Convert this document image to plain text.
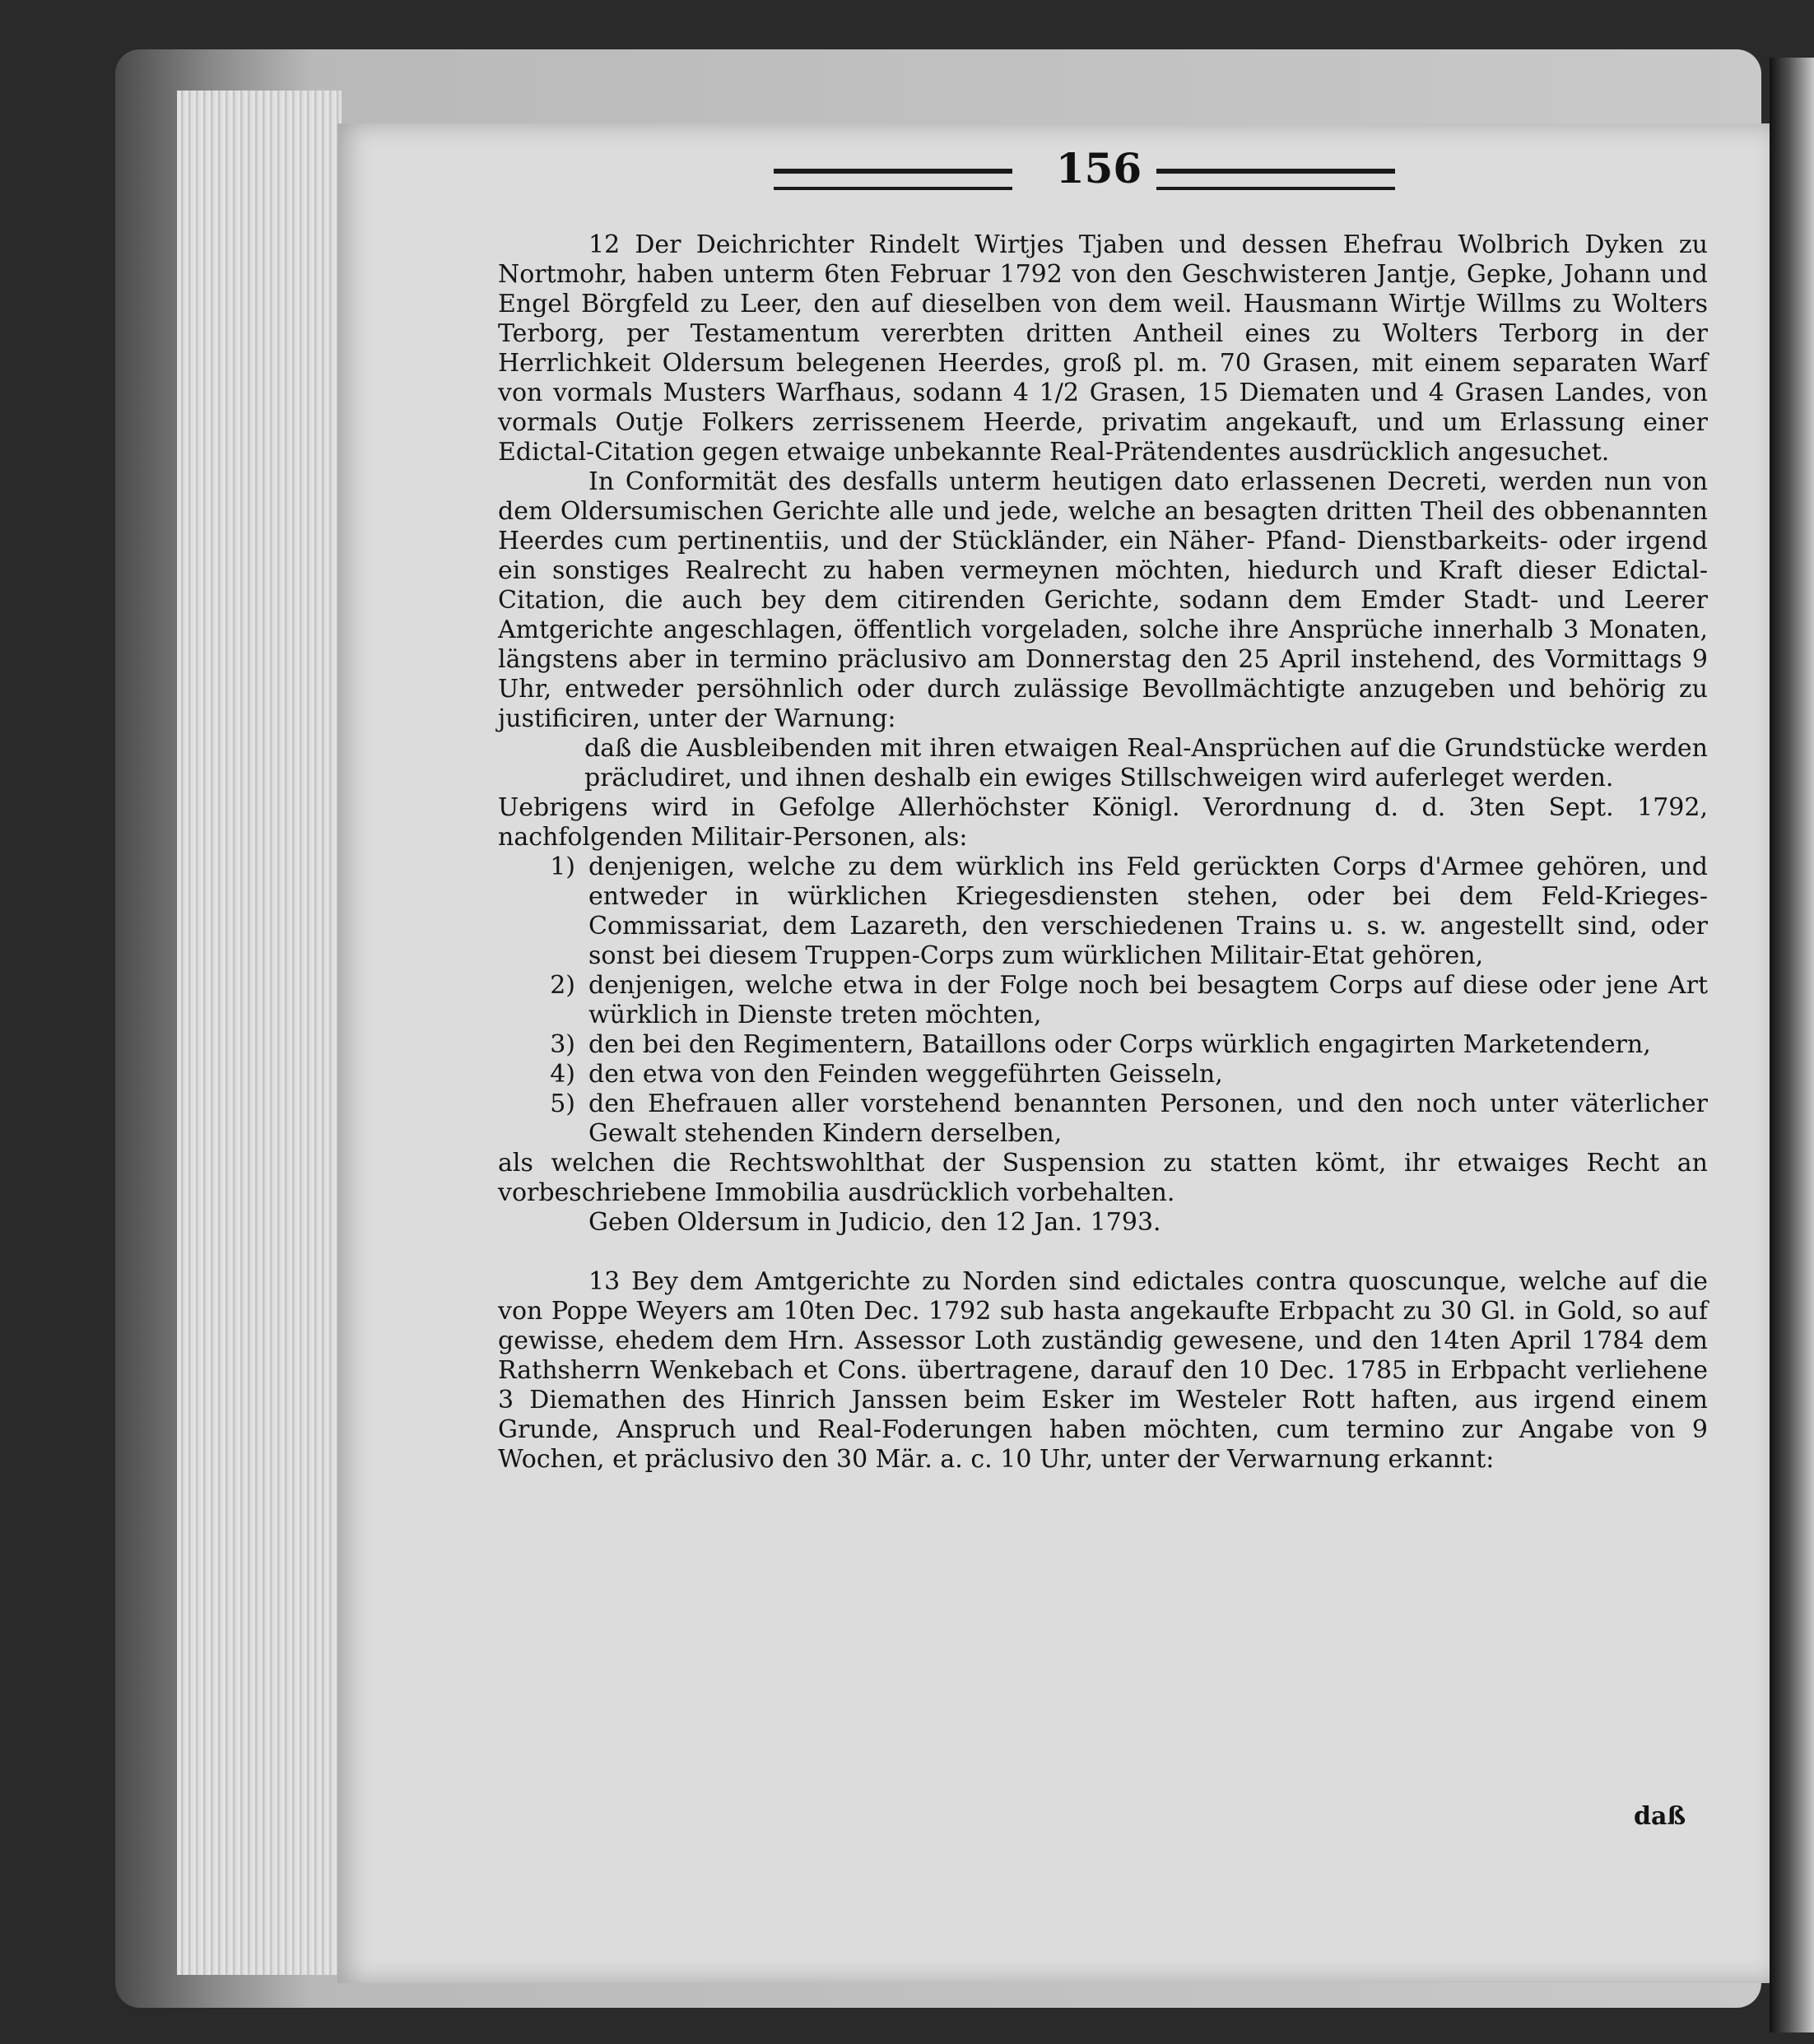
156

12 Der Deichrichter Rindelt Wirtjes Tjaben und dessen Ehefrau Wolbrich Dyken zu Nortmohr, haben unterm 6ten Februar 1792 von den Geschwisteren Jantje, Gepke, Johann und Engel Börgfeld zu Leer, den auf dieselben von dem weil. Hausmann Wirtje Willms zu Wolters Terborg, per Testamentum vererbten dritten Antheil eines zu Wolters Terborg in der Herrlichkeit Oldersum belegenen Heerdes, groß pl. m. 70 Grasen, mit einem separaten Warf von vormals Musters Warfhaus, sodann 4 1/2 Grasen, 15 Diematen und 4 Grasen Landes, von vormals Outje Folkers zerrissenem Heerde, privatim angekauft, und um Erlassung einer Edictal-Citation gegen etwaige unbekannte Real-Prätendentes ausdrücklich angesuchet.

In Conformität des desfalls unterm heutigen dato erlassenen Decreti, werden nun von dem Oldersumischen Gerichte alle und jede, welche an besagten dritten Theil des obbenannten Heerdes cum pertinentiis, und der Stückländer, ein Näher- Pfand- Dienstbarkeits- oder irgend ein sonstiges Realrecht zu haben vermeynen möchten, hiedurch und Kraft dieser Edictal-Citation, die auch bey dem citirenden Gerichte, sodann dem Emder Stadt- und Leerer Amtgerichte angeschlagen, öffentlich vorgeladen, solche ihre Ansprüche innerhalb 3 Monaten, längstens aber in termino präclusivo am Donnerstag den 25 April instehend, des Vormittags 9 Uhr, entweder persöhnlich oder durch zulässige Bevollmächtigte anzugeben und behörig zu justificiren, unter der Warnung:

daß die Ausbleibenden mit ihren etwaigen Real-Ansprüchen auf die Grundstücke werden präcludiret, und ihnen deshalb ein ewiges Stillschweigen wird auferleget werden.

Uebrigens wird in Gefolge Allerhöchster Königl. Verordnung d. d. 3ten Sept. 1792, nachfolgenden Militair-Personen, als:

1) denjenigen, welche zu dem würklich ins Feld gerückten Corps d'Armee gehören, und entweder in würklichen Kriegesdiensten stehen, oder bei dem Feld-Krieges-Commissariat, dem Lazareth, den verschiedenen Trains u. s. w. angestellt sind, oder sonst bei diesem Truppen-Corps zum würklichen Militair-Etat gehören,
2) denjenigen, welche etwa in der Folge noch bei besagtem Corps auf diese oder jene Art würklich in Dienste treten möchten,
3) den bei den Regimentern, Bataillons oder Corps würklich engagirten Marketendern,
4) den etwa von den Feinden weggeführten Geisseln,
5) den Ehefrauen aller vorstehend benannten Personen, und den noch unter väterlicher Gewalt stehenden Kindern derselben,

als welchen die Rechtswohlthat der Suspension zu statten kömt, ihr etwaiges Recht an vorbeschriebene Immobilia ausdrücklich vorbehalten.

Geben Oldersum in Judicio, den 12 Jan. 1793.

13 Bey dem Amtgerichte zu Norden sind edictales contra quoscunque, welche auf die von Poppe Weyers am 10ten Dec. 1792 sub hasta angekaufte Erbpacht zu 30 Gl. in Gold, so auf gewisse, ehedem dem Hrn. Assessor Loth zuständig gewesene, und den 14ten April 1784 dem Rathsherrn Wenkebach et Cons. übertragene, darauf den 10 Dec. 1785 in Erbpacht verliehene 3 Diemathen des Hinrich Janssen beim Esker im Westeler Rott haften, aus irgend einem Grunde, Anspruch und Real-Foderungen haben möchten, cum termino zur Angabe von 9 Wochen, et präclusivo den 30 Mär. a. c. 10 Uhr, unter der Verwarnung erkannt:

daß
